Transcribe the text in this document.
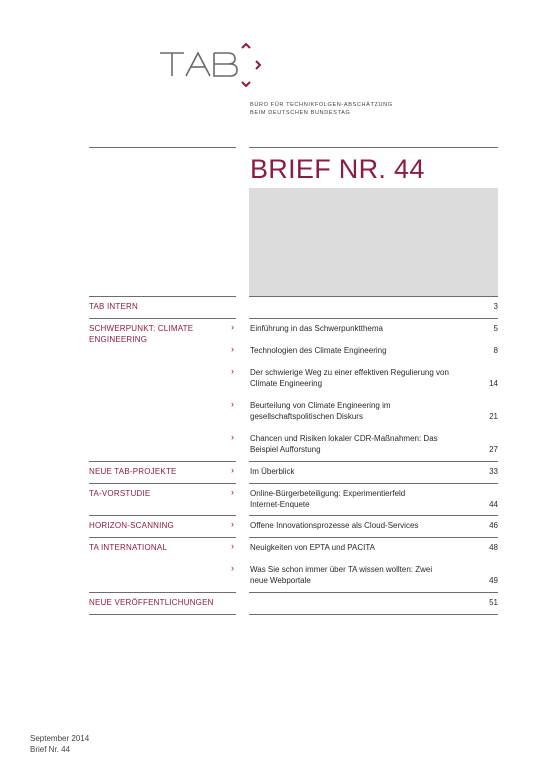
BÜRO FÜR TECHNIKFOLGEN-ABSCHÄTZUNG
BEIM DEUTSCHEN BUNDESTAG
BRIEF NR. 44
TAB INTERN
SCHWERPUNKT: CLIMATE ENGINEERING
NEUE TAB-PROJEKTE
TA-VORSTUDIE
HORIZON-SCANNING
TA INTERNATIONAL
NEUE VERÖFFENTLICHUNGEN
›
›
›
›
›
›
›
›
›
›
Einführung in das Schwerpunktthema
Technologien des Climate Engineering
Der schwierige Weg zu einer effektiven Regulierung von Climate Engineering
Beurteilung von Climate Engineering im gesellschaftspolitischen Diskurs
Chancen und Risiken lokaler CDR-Maßnahmen: Das Beispiel Aufforstung
Im Überblick
Online-Bürgerbeteiligung: Experimentierfeld Internet-Enquete
Offene Innovationsprozesse als Cloud-Services
Neuigkeiten von EPTA und PACITA
Was Sie schon immer über TA wissen wollten: Zwei neue Webportale
3
5
8
14
21
27
33
44
46
48
49
51
September 2014
Brief Nr. 44
